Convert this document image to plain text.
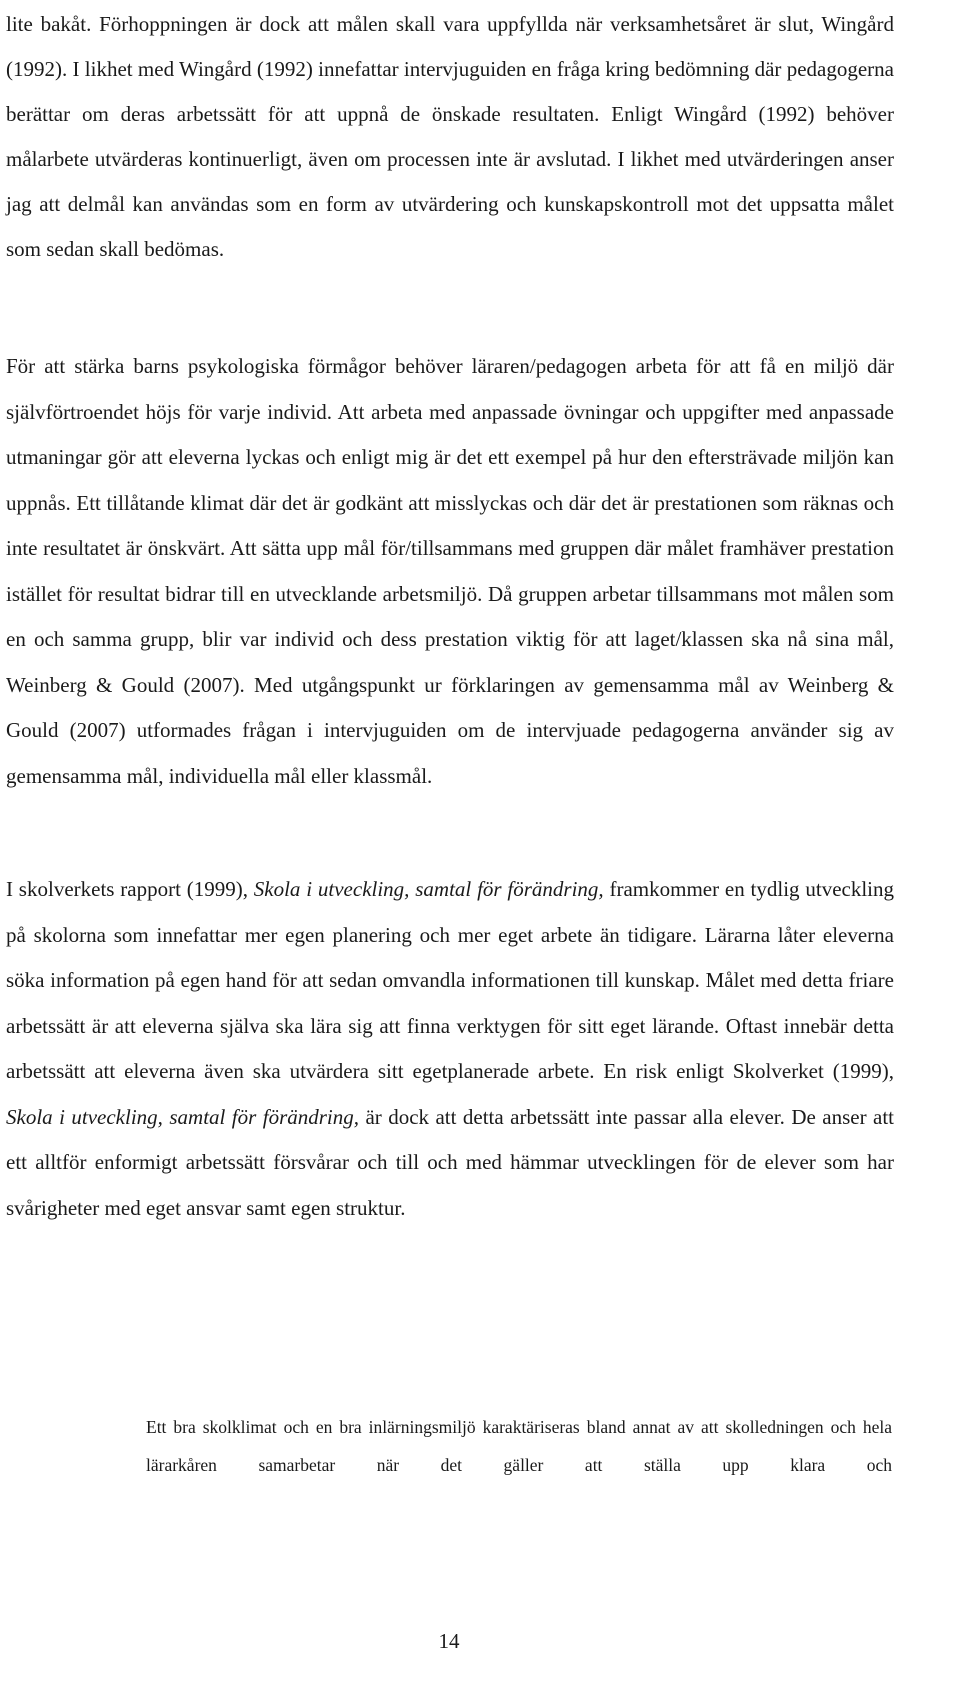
lite bakåt. Förhoppningen är dock att målen skall vara uppfyllda när verksamhetsåret är slut, Wingård (1992). I likhet med Wingård (1992) innefattar intervjuguiden en fråga kring bedömning där pedagogerna berättar om deras arbetssätt för att uppnå de önskade resultaten. Enligt Wingård (1992) behöver målarbete utvärderas kontinuerligt, även om processen inte är avslutad. I likhet med utvärderingen anser jag att delmål kan användas som en form av utvärdering och kunskapskontroll mot det uppsatta målet som sedan skall bedömas.

För att stärka barns psykologiska förmågor behöver läraren/pedagogen arbeta för att få en miljö där självförtroendet höjs för varje individ. Att arbeta med anpassade övningar och uppgifter med anpassade utmaningar gör att eleverna lyckas och enligt mig är det ett exempel på hur den eftersträvade miljön kan uppnås. Ett tillåtande klimat där det är godkänt att misslyckas och där det är prestationen som räknas och inte resultatet är önskvärt. Att sätta upp mål för/tillsammans med gruppen där målet framhäver prestation istället för resultat bidrar till en utvecklande arbetsmiljö. Då gruppen arbetar tillsammans mot målen som en och samma grupp, blir var individ och dess prestation viktig för att laget/klassen ska nå sina mål, Weinberg & Gould (2007). Med utgångspunkt ur förklaringen av gemensamma mål av Weinberg & Gould (2007) utformades frågan i intervjuguiden om de intervjuade pedagogerna använder sig av gemensamma mål, individuella mål eller klassmål.

I skolverkets rapport (1999), Skola i utveckling, samtal för förändring, framkommer en tydlig utveckling på skolorna som innefattar mer egen planering och mer eget arbete än tidigare. Lärarna låter eleverna söka information på egen hand för att sedan omvandla informationen till kunskap. Målet med detta friare arbetssätt är att eleverna själva ska lära sig att finna verktygen för sitt eget lärande. Oftast innebär detta arbetssätt att eleverna även ska utvärdera sitt egetplanerade arbete. En risk enligt Skolverket (1999), Skola i utveckling, samtal för förändring, är dock att detta arbetssätt inte passar alla elever. De anser att ett alltför enformigt arbetssätt försvårar och till och med hämmar utvecklingen för de elever som har svårigheter med eget ansvar samt egen struktur.

Ett bra skolklimat och en bra inlärningsmiljö karaktäriseras bland annat av att skolledningen och hela lärarkåren samarbetar när det gäller att ställa upp klara och

14
